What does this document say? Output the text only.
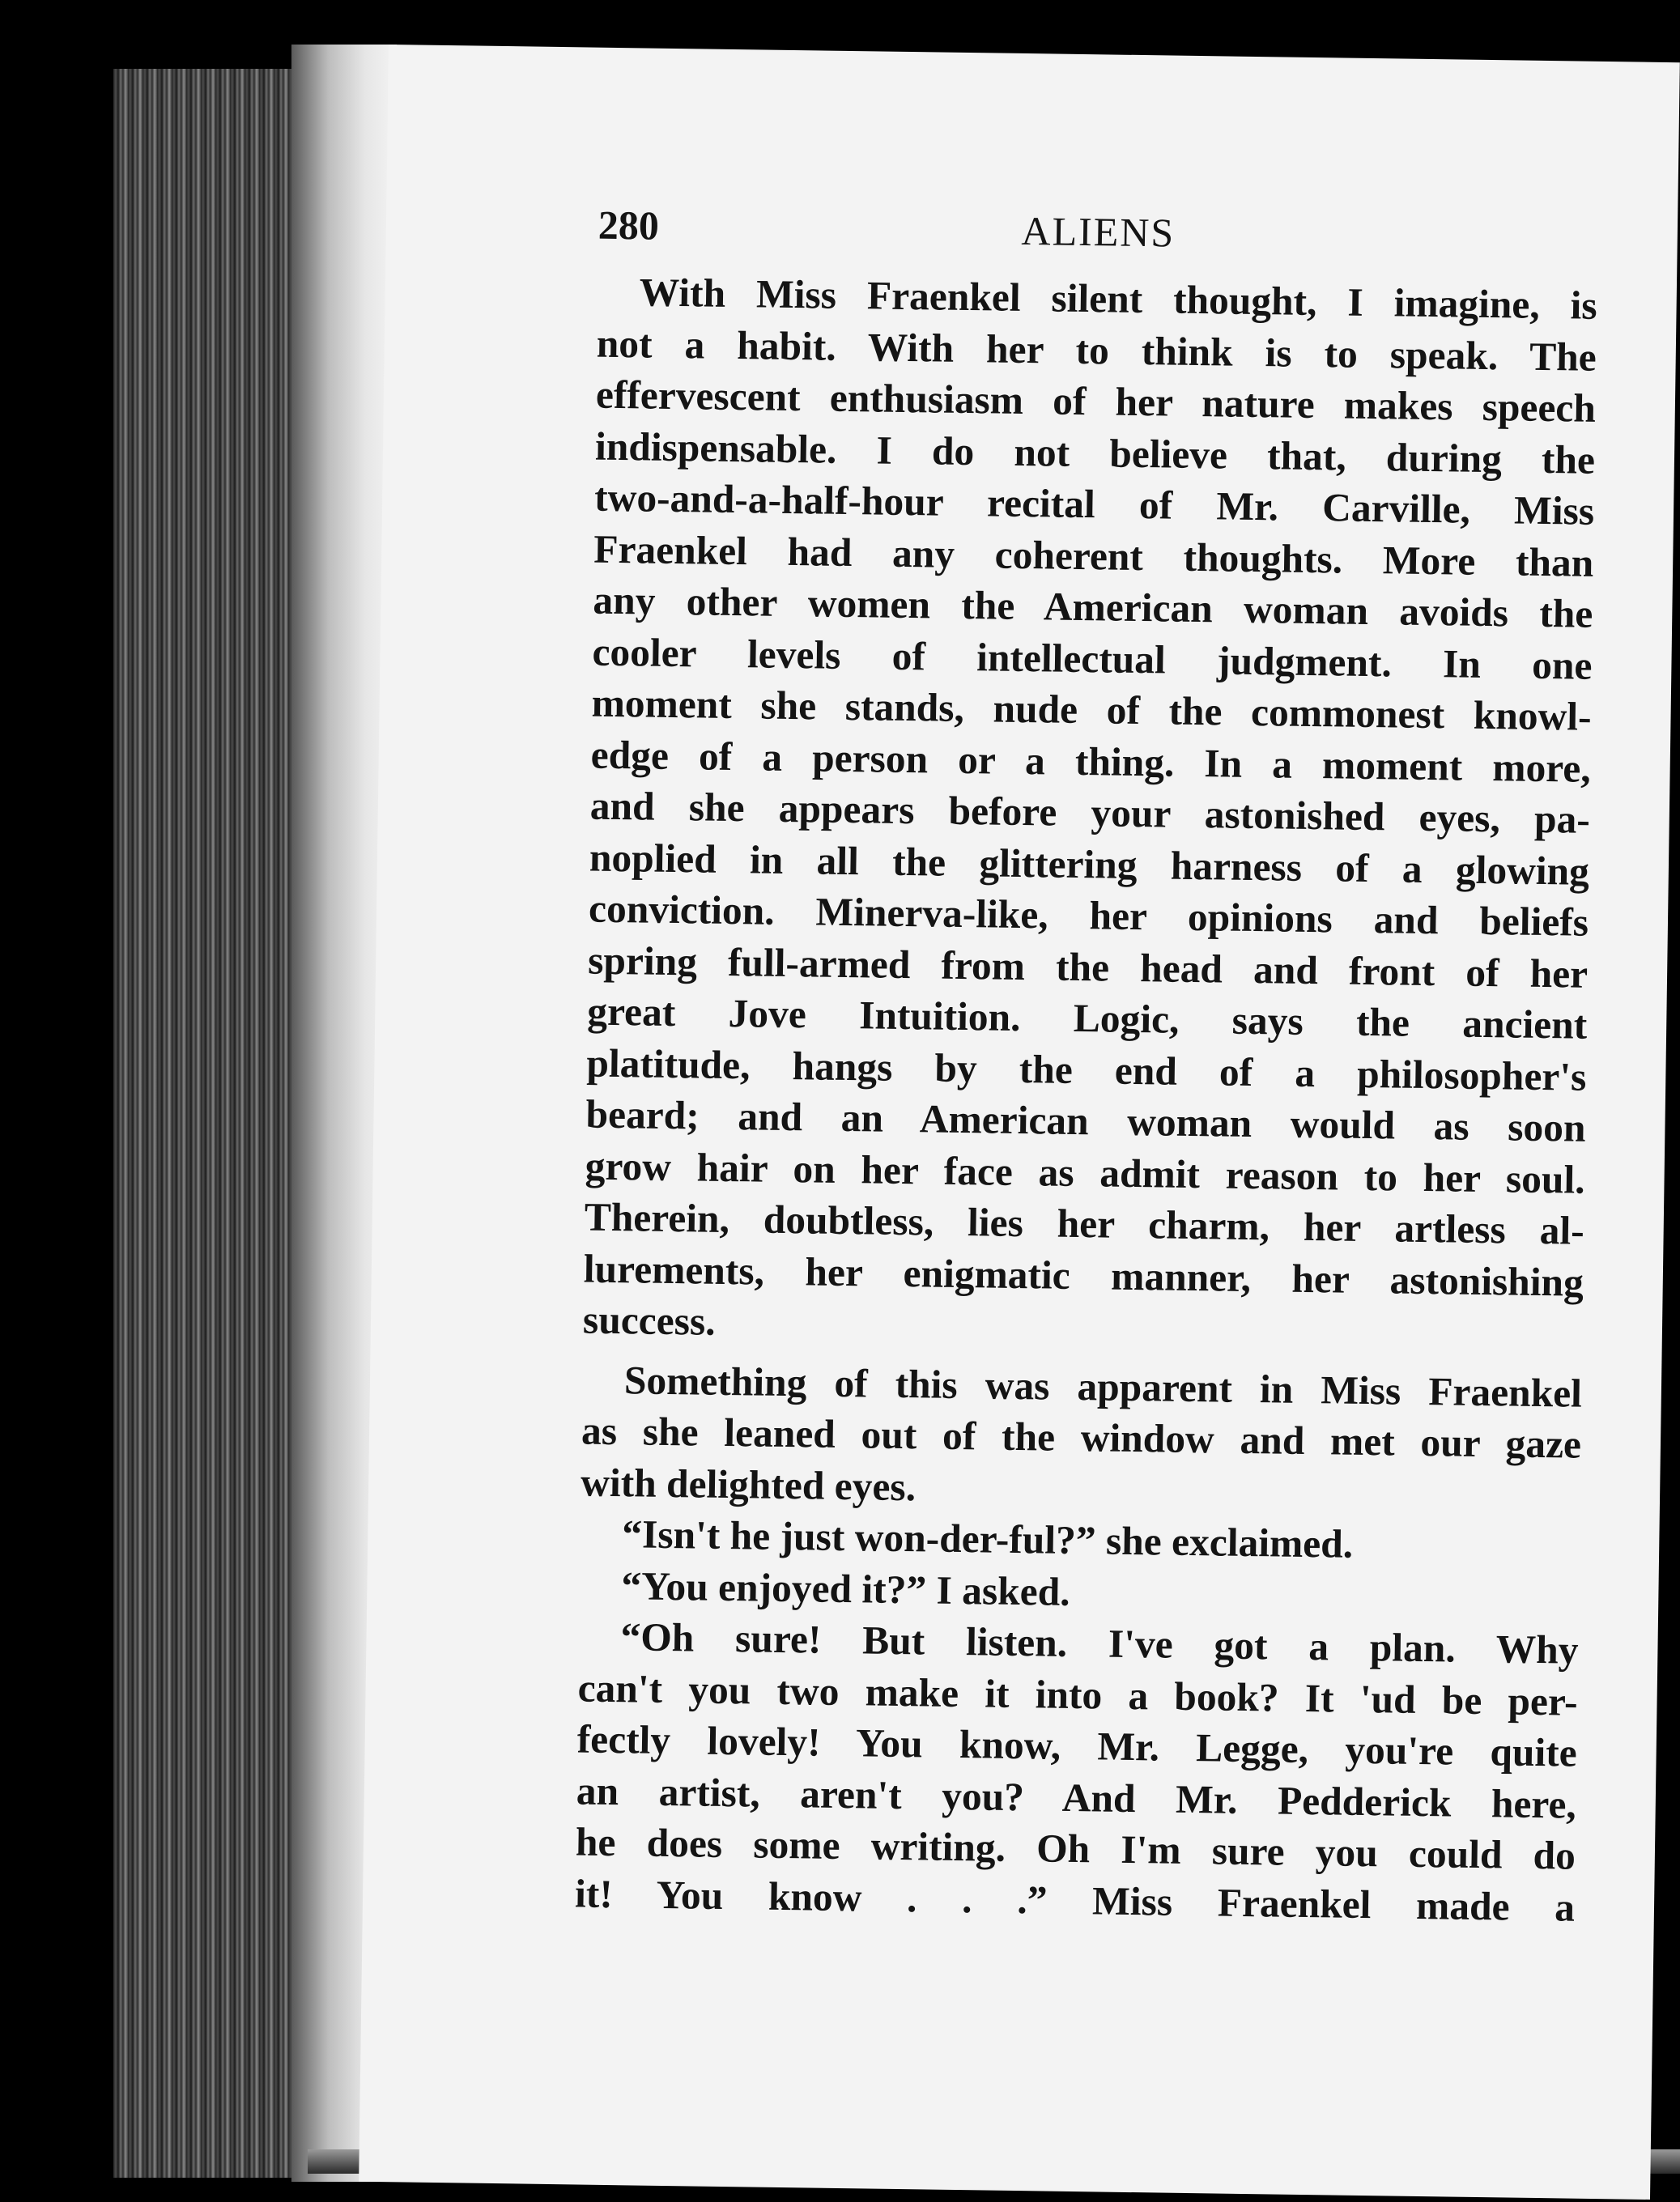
280	ALIENS

With Miss Fraenkel silent thought, I imagine, is
not a habit. With her to think is to speak. The
effervescent enthusiasm of her nature makes speech
indispensable. I do not believe that, during the
two-and-a-half-hour recital of Mr. Carville, Miss
Fraenkel had any coherent thoughts. More than
any other women the American woman avoids the
cooler levels of intellectual judgment. In one
moment she stands, nude of the commonest knowl-
edge of a person or a thing. In a moment more,
and she appears before your astonished eyes, pa-
noplied in all the glittering harness of a glowing
conviction. Minerva-like, her opinions and beliefs
spring full-armed from the head and front of her
great Jove Intuition. Logic, says the ancient
platitude, hangs by the end of a philosopher's
beard; and an American woman would as soon
grow hair on her face as admit reason to her soul.
Therein, doubtless, lies her charm, her artless al-
lurements, her enigmatic manner, her astonishing
success.

Something of this was apparent in Miss Fraenkel
as she leaned out of the window and met our gaze
with delighted eyes.

“Isn't he just won-der-ful?” she exclaimed.

“You enjoyed it?” I asked.

“Oh sure! But listen. I've got a plan. Why
can't you two make it into a book? It 'ud be per-
fectly lovely! You know, Mr. Legge, you're quite
an artist, aren't you? And Mr. Pedderick here,
he does some writing. Oh I'm sure you could do
it! You know . . .” Miss Fraenkel made a
